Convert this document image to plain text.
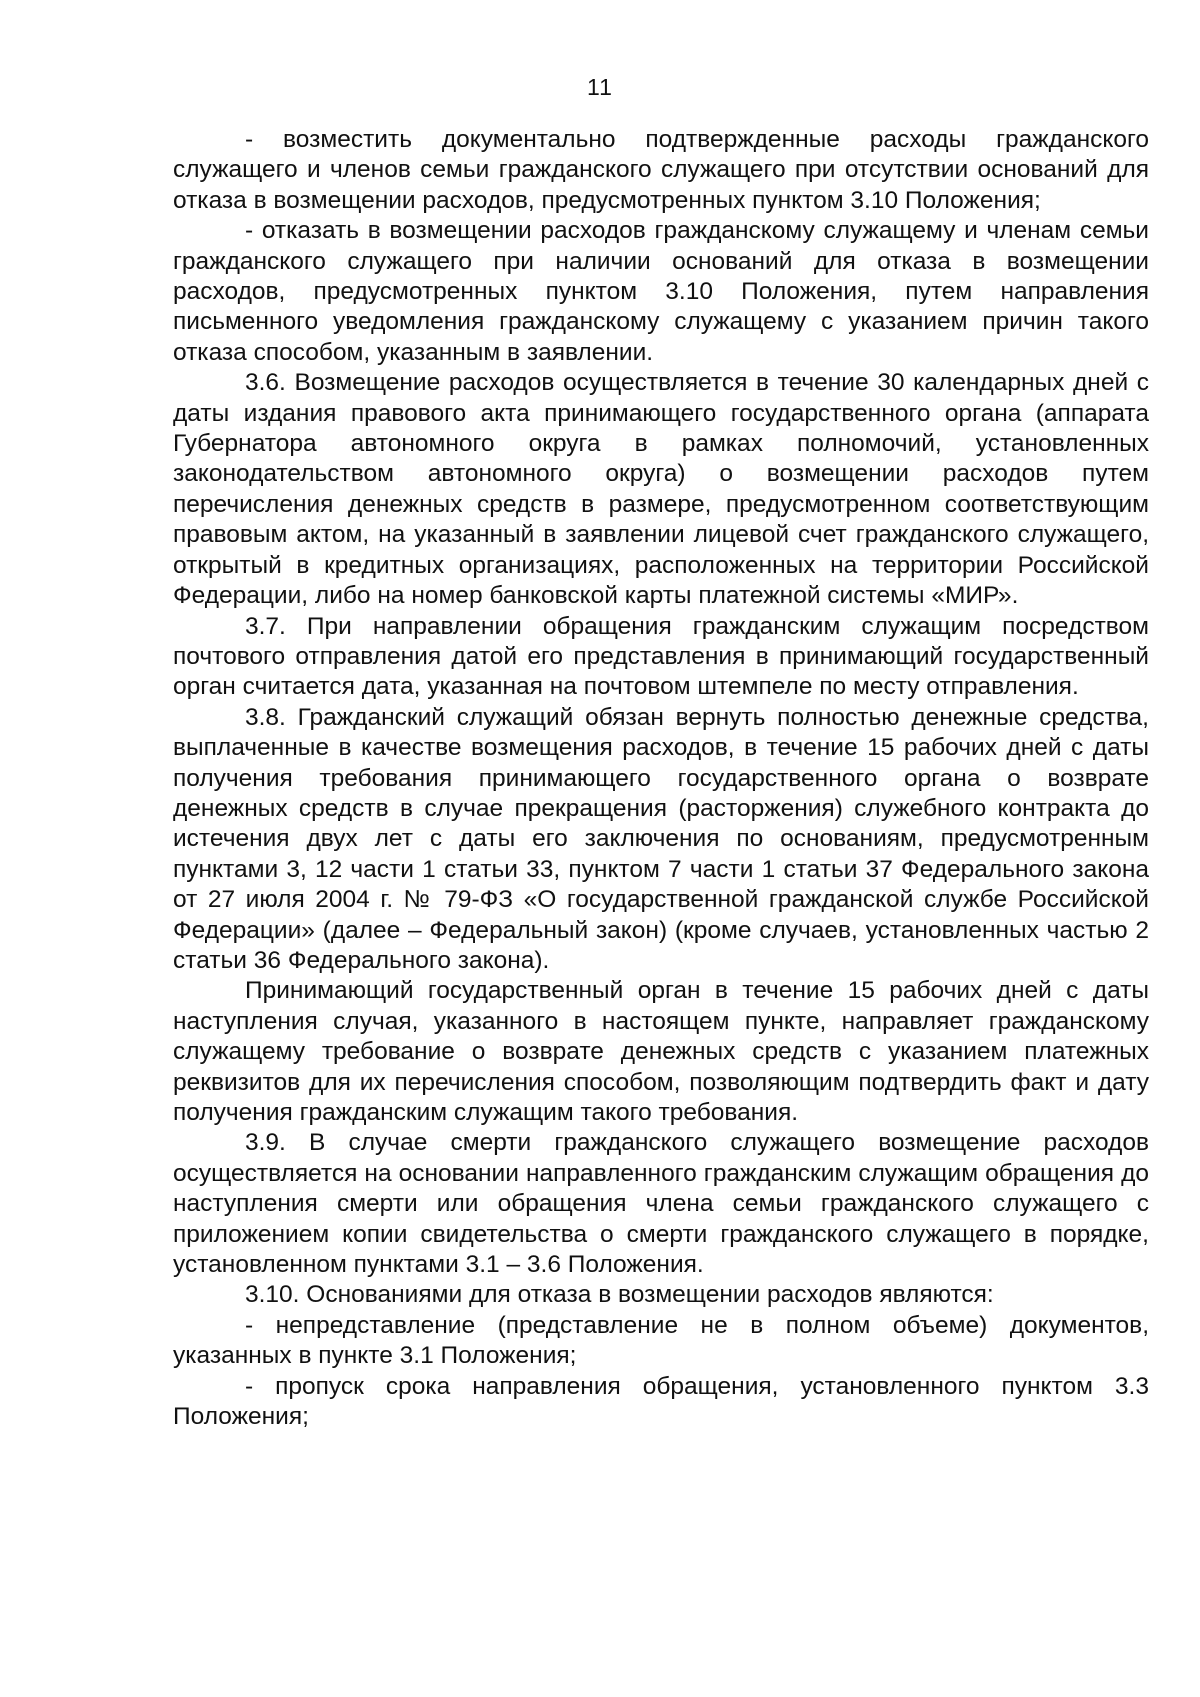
11

- возместить документально подтвержденные расходы гражданского служащего и членов семьи гражданского служащего при отсутствии оснований для отказа в возмещении расходов, предусмотренных пунктом 3.10 Положения;

- отказать в возмещении расходов гражданскому служащему и членам семьи гражданского служащего при наличии оснований для отказа в возмещении расходов, предусмотренных пунктом 3.10 Положения, путем направления письменного уведомления гражданскому служащему с указанием причин такого отказа способом, указанным в заявлении.

3.6. Возмещение расходов осуществляется в течение 30 календарных дней с даты издания правового акта принимающего государственного органа (аппарата Губернатора автономного округа в рамках полномочий, установленных законодательством автономного округа) о возмещении расходов путем перечисления денежных средств в размере, предусмотренном соответствующим правовым актом, на указанный в заявлении лицевой счет гражданского служащего, открытый в кредитных организациях, расположенных на территории Российской Федерации, либо на номер банковской карты платежной системы «МИР».

3.7. При направлении обращения гражданским служащим посредством почтового отправления датой его представления в принимающий государственный орган считается дата, указанная на почтовом штемпеле по месту отправления.

3.8. Гражданский служащий обязан вернуть полностью денежные средства, выплаченные в качестве возмещения расходов, в течение 15 рабочих дней с даты получения требования принимающего государственного органа о возврате денежных средств в случае прекращения (расторжения) служебного контракта до истечения двух лет с даты его заключения по основаниям, предусмотренным пунктами 3, 12 части 1 статьи 33, пунктом 7 части 1 статьи 37 Федерального закона от 27 июля 2004 г. № 79-ФЗ «О государственной гражданской службе Российской Федерации» (далее – Федеральный закон) (кроме случаев, установленных частью 2 статьи 36 Федерального закона).

Принимающий государственный орган в течение 15 рабочих дней с даты наступления случая, указанного в настоящем пункте, направляет гражданскому служащему требование о возврате денежных средств с указанием платежных реквизитов для их перечисления способом, позволяющим подтвердить факт и дату получения гражданским служащим такого требования.

3.9. В случае смерти гражданского служащего возмещение расходов осуществляется на основании направленного гражданским служащим обращения до наступления смерти или обращения члена семьи гражданского служащего с приложением копии свидетельства о смерти гражданского служащего в порядке, установленном пунктами 3.1 – 3.6 Положения.

3.10. Основаниями для отказа в возмещении расходов являются:

- непредставление (представление не в полном объеме) документов, указанных в пункте 3.1 Положения;

- пропуск срока направления обращения, установленного пунктом 3.3 Положения;
